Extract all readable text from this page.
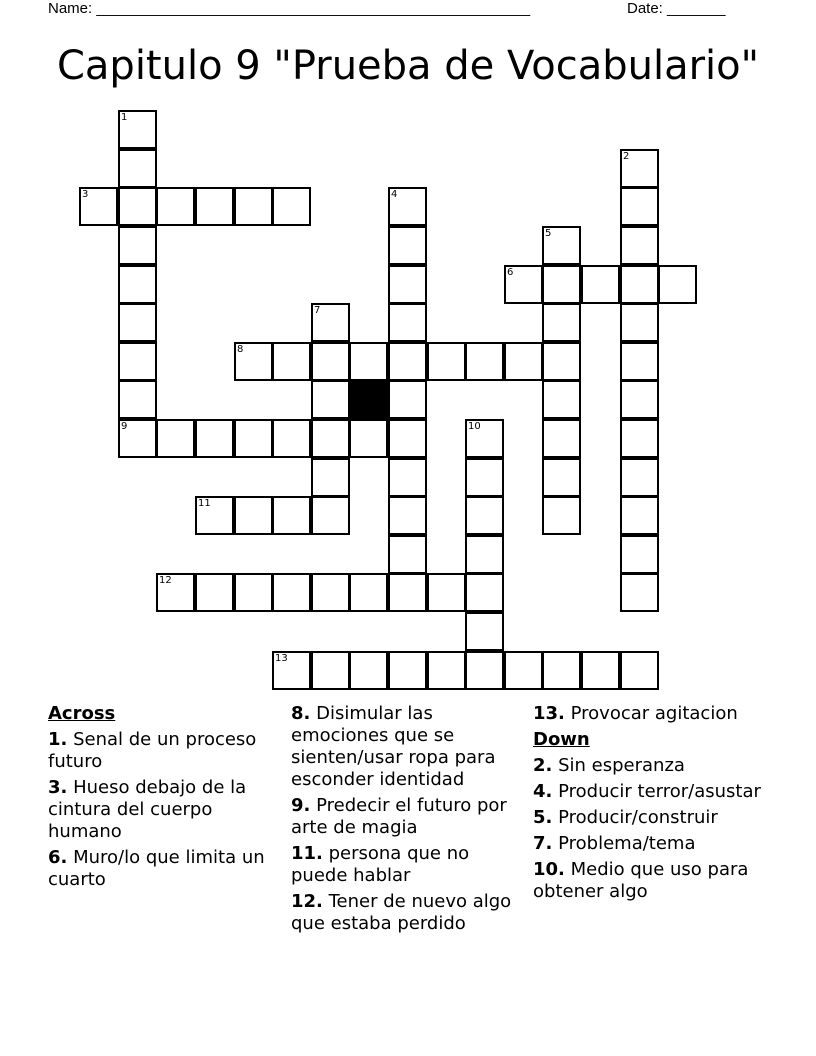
Name: ____________________________________________________	Date: _______
Capitulo 9 "Prueba de Vocabulario"
1
3
2
4
5
6
7
8
9	10
11
12
13
Across
1. Senal de un proceso futuro
3. Hueso debajo de la cintura del cuerpo humano
6. Muro/lo que limita un cuarto
8. Disimular las emociones que se sienten/usar ropa para esconder identidad
9. Predecir el futuro por arte de magia
11. persona que no puede hablar
12. Tener de nuevo algo que estaba perdido
13. Provocar agitacion
Down
2. Sin esperanza
4. Producir terror/asustar
5. Producir/construir
7. Problema/tema
10. Medio que uso para obtener algo
